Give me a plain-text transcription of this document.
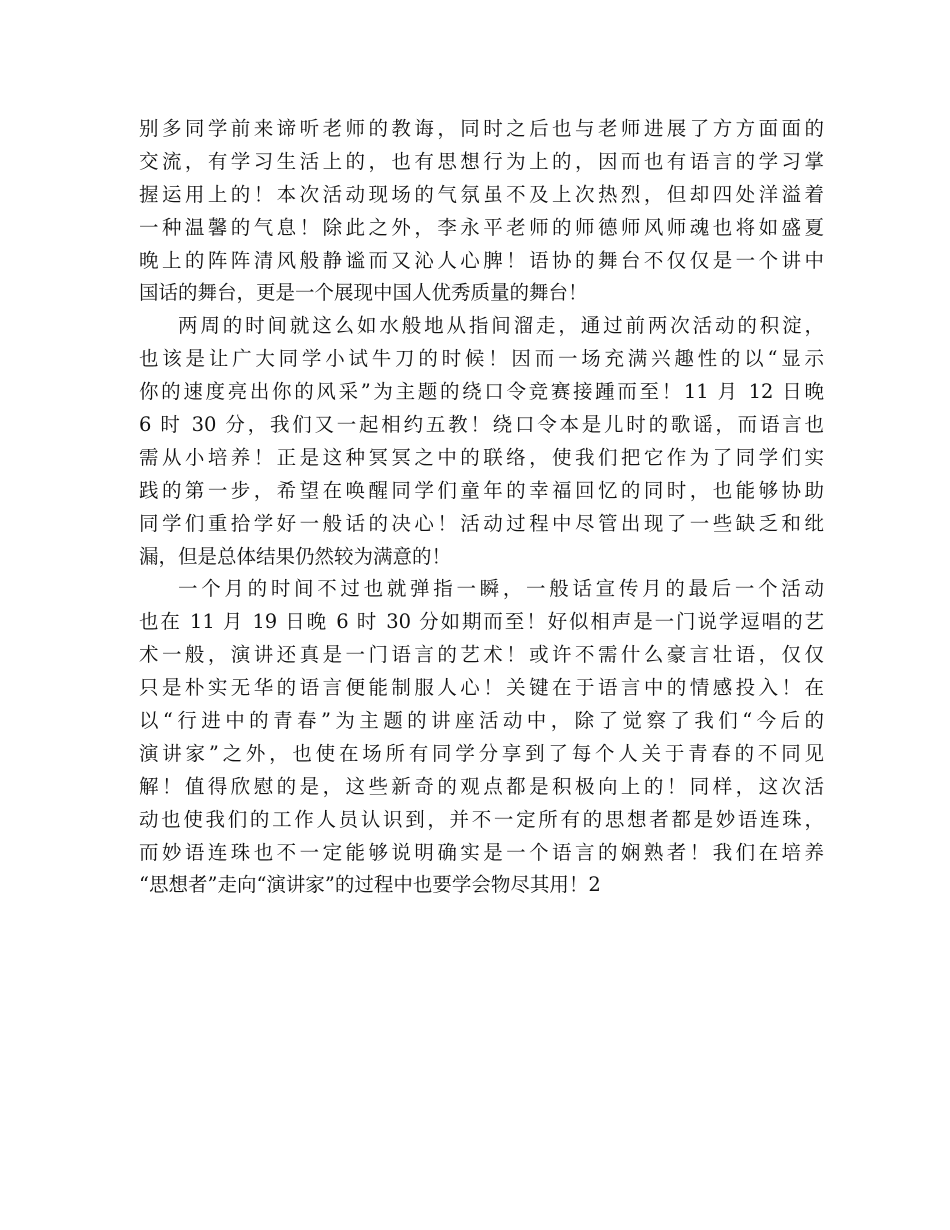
别多同学前来谛听老师的教诲，同时之后也与老师进展了方方面面的
交流，有学习生活上的，也有思想行为上的，因而也有语言的学习掌
握运用上的！本次活动现场的气氛虽不及上次热烈，但却四处洋溢着
一种温馨的气息！除此之外，李永平老师的师德师风师魂也将如盛夏
晚上的阵阵清风般静谧而又沁人心脾！语协的舞台不仅仅是一个讲中
国话的舞台，更是一个展现中国人优秀质量的舞台！
两周的时间就这么如水般地从指间溜走，通过前两次活动的积淀，
也该是让广大同学小试牛刀的时候！因而一场充满兴趣性的以“显示
你的速度亮出你的风采”为主题的绕口令竞赛接踵而至！11 月 12 日晚
6 时 30 分，我们又一起相约五教！绕口令本是儿时的歌谣，而语言也
需从小培养！正是这种冥冥之中的联络，使我们把它作为了同学们实
践的第一步，希望在唤醒同学们童年的幸福回忆的同时，也能够协助
同学们重拾学好一般话的决心！活动过程中尽管出现了一些缺乏和纰
漏，但是总体结果仍然较为满意的！
一个月的时间不过也就弹指一瞬，一般话宣传月的最后一个活动
也在 11 月 19 日晚 6 时 30 分如期而至！好似相声是一门说学逗唱的艺
术一般，演讲还真是一门语言的艺术！或许不需什么豪言壮语，仅仅
只是朴实无华的语言便能制服人心！关键在于语言中的情感投入！在
以“行进中的青春”为主题的讲座活动中，除了觉察了我们“今后的
演讲家”之外，也使在场所有同学分享到了每个人关于青春的不同见
解！值得欣慰的是，这些新奇的观点都是积极向上的！同样，这次活
动也使我们的工作人员认识到，并不一定所有的思想者都是妙语连珠，
而妙语连珠也不一定能够说明确实是一个语言的娴熟者！我们在培养
“思想者”走向“演讲家”的过程中也要学会物尽其用！2
